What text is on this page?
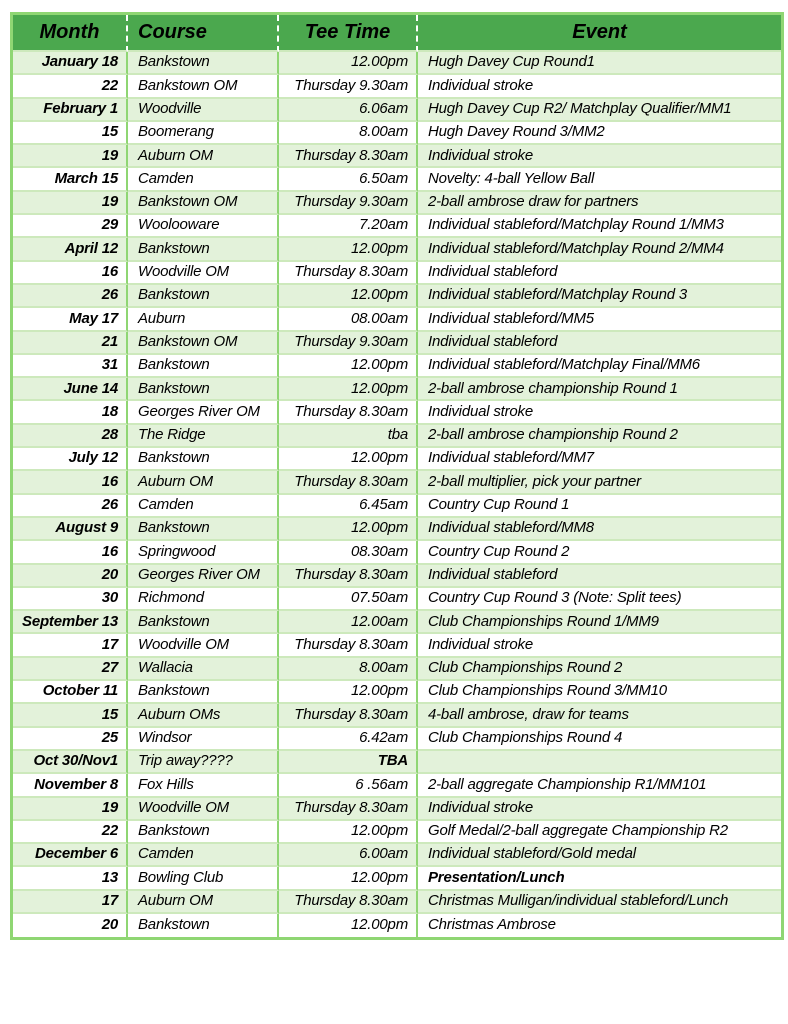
Month	Course	Tee Time	Event
January 18	Bankstown	12.00pm	Hugh Davey Cup Round1
22	Bankstown OM	Thursday 9.30am	Individual stroke
February 1	Woodville	6.06am	Hugh Davey Cup R2/ Matchplay Qualifier/MM1
15	Boomerang	8.00am	Hugh Davey Round 3/MM2
19	Auburn OM	Thursday 8.30am	Individual stroke
March 15	Camden	6.50am	Novelty: 4-ball Yellow Ball
19	Bankstown OM	Thursday 9.30am	2-ball ambrose draw for partners
29	Woolooware	7.20am	Individual stableford/Matchplay Round 1/MM3
April 12	Bankstown	12.00pm	Individual stableford/Matchplay Round 2/MM4
16	Woodville OM	Thursday 8.30am	Individual stableford
26	Bankstown	12.00pm	Individual stableford/Matchplay Round 3
May 17	Auburn	08.00am	Individual stableford/MM5
21	Bankstown OM	Thursday 9.30am	Individual stableford
31	Bankstown	12.00pm	Individual stableford/Matchplay Final/MM6
June 14	Bankstown	12.00pm	2-ball ambrose championship Round 1
18	Georges River OM	Thursday 8.30am	Individual stroke
28	The Ridge	tba	2-ball ambrose championship Round 2
July 12	Bankstown	12.00pm	Individual stableford/MM7
16	Auburn OM	Thursday 8.30am	2-ball multiplier, pick your partner
26	Camden	6.45am	Country Cup Round 1
August 9	Bankstown	12.00pm	Individual stableford/MM8
16	Springwood	08.30am	Country Cup Round 2
20	Georges River OM	Thursday 8.30am	Individual stableford
30	Richmond	07.50am	Country Cup Round 3 (Note: Split tees)
September 13	Bankstown	12.00am	Club Championships Round 1/MM9
17	Woodville OM	Thursday 8.30am	Individual stroke
27	Wallacia	8.00am	Club Championships Round 2
October 11	Bankstown	12.00pm	Club Championships Round 3/MM10
15	Auburn OMs	Thursday 8.30am	4-ball ambrose, draw for teams
25	Windsor	6.42am	Club Championships Round 4
Oct 30/Nov1	Trip away????	TBA	
November 8	Fox Hills	6 .56am	2-ball aggregate Championship R1/MM101
19	Woodville OM	Thursday 8.30am	Individual stroke
22	Bankstown	12.00pm	Golf Medal/2-ball aggregate Championship R2
December 6	Camden	6.00am	Individual stableford/Gold medal
13	Bowling Club	12.00pm	Presentation/Lunch
17	Auburn OM	Thursday 8.30am	Christmas Mulligan/individual stableford/Lunch
20	Bankstown	12.00pm	Christmas Ambrose
